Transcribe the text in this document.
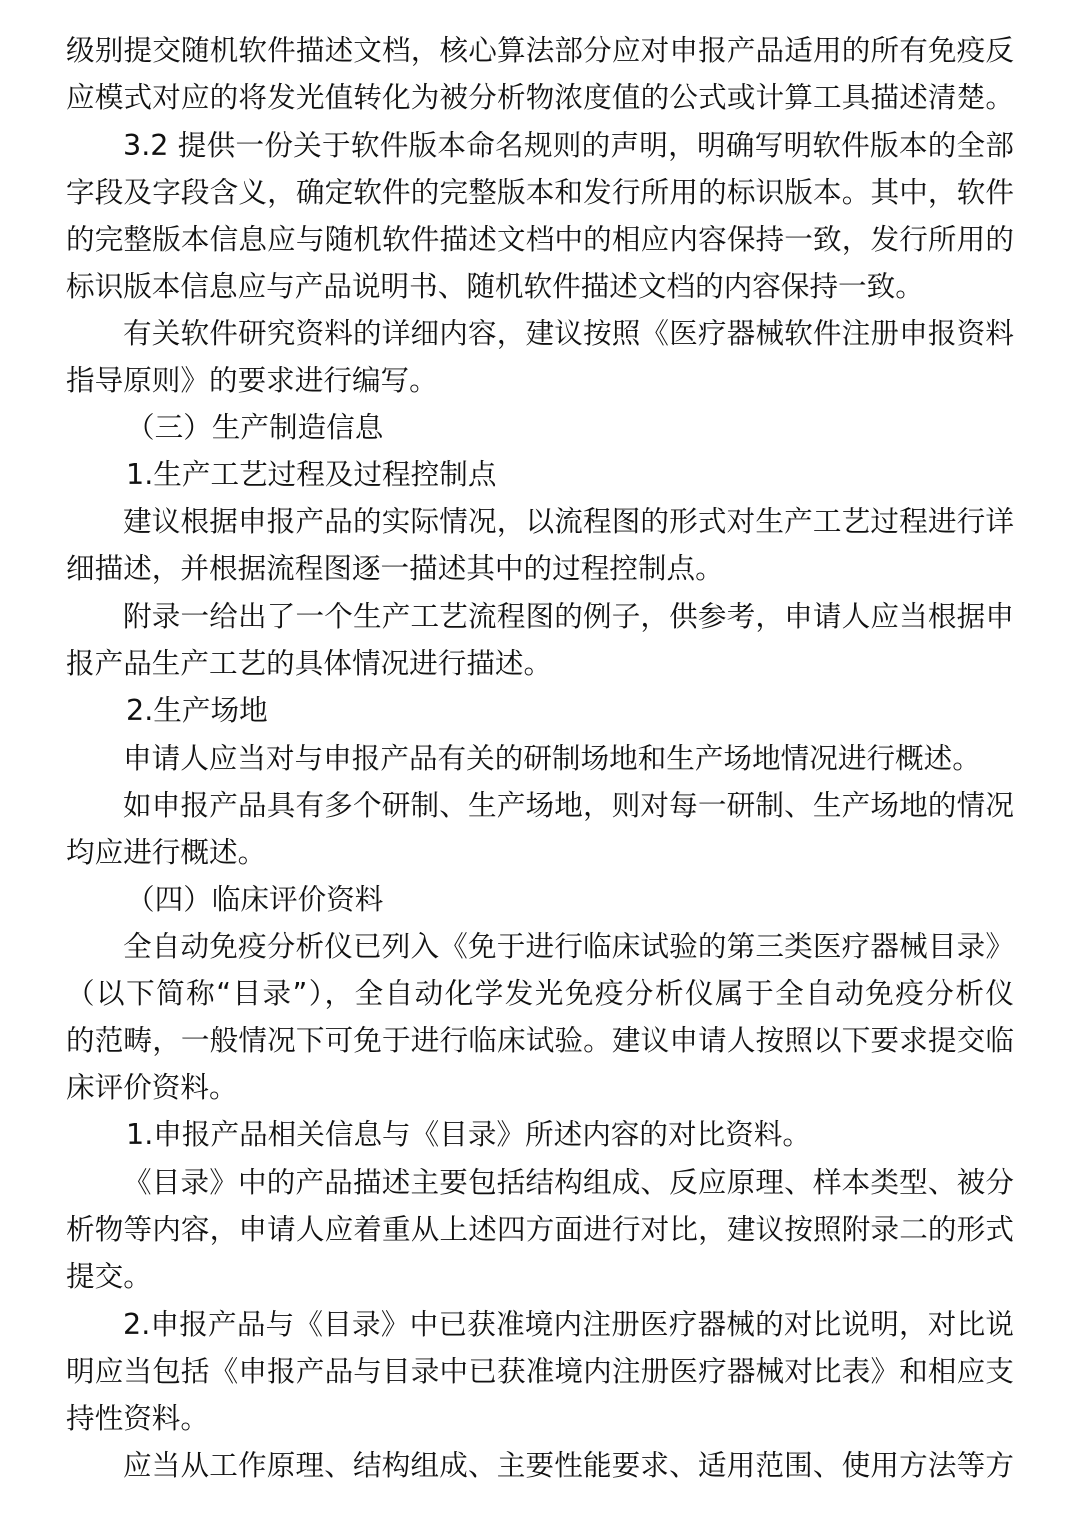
级别提交随机软件描述文档，核心算法部分应对申报产品适用的所有免疫反
应模式对应的将发光值转化为被分析物浓度值的公式或计算工具描述清楚。
3.2 提供一份关于软件版本命名规则的声明，明确写明软件版本的全部
字段及字段含义，确定软件的完整版本和发行所用的标识版本。其中，软件
的完整版本信息应与随机软件描述文档中的相应内容保持一致，发行所用的
标识版本信息应与产品说明书、随机软件描述文档的内容保持一致。
有关软件研究资料的详细内容，建议按照《医疗器械软件注册申报资料
指导原则》的要求进行编写。
（三）生产制造信息
1.生产工艺过程及过程控制点
建议根据申报产品的实际情况，以流程图的形式对生产工艺过程进行详
细描述，并根据流程图逐一描述其中的过程控制点。
附录一给出了一个生产工艺流程图的例子，供参考，申请人应当根据申
报产品生产工艺的具体情况进行描述。
2.生产场地
申请人应当对与申报产品有关的研制场地和生产场地情况进行概述。
如申报产品具有多个研制、生产场地，则对每一研制、生产场地的情况
均应进行概述。
（四）临床评价资料
全自动免疫分析仪已列入《免于进行临床试验的第三类医疗器械目录》
（以下简称“目录”），全自动化学发光免疫分析仪属于全自动免疫分析仪
的范畴，一般情况下可免于进行临床试验。建议申请人按照以下要求提交临
床评价资料。
1.申报产品相关信息与《目录》所述内容的对比资料。
《目录》中的产品描述主要包括结构组成、反应原理、样本类型、被分
析物等内容，申请人应着重从上述四方面进行对比，建议按照附录二的形式
提交。
2.申报产品与《目录》中已获准境内注册医疗器械的对比说明，对比说
明应当包括《申报产品与目录中已获准境内注册医疗器械对比表》和相应支
持性资料。
应当从工作原理、结构组成、主要性能要求、适用范围、使用方法等方
